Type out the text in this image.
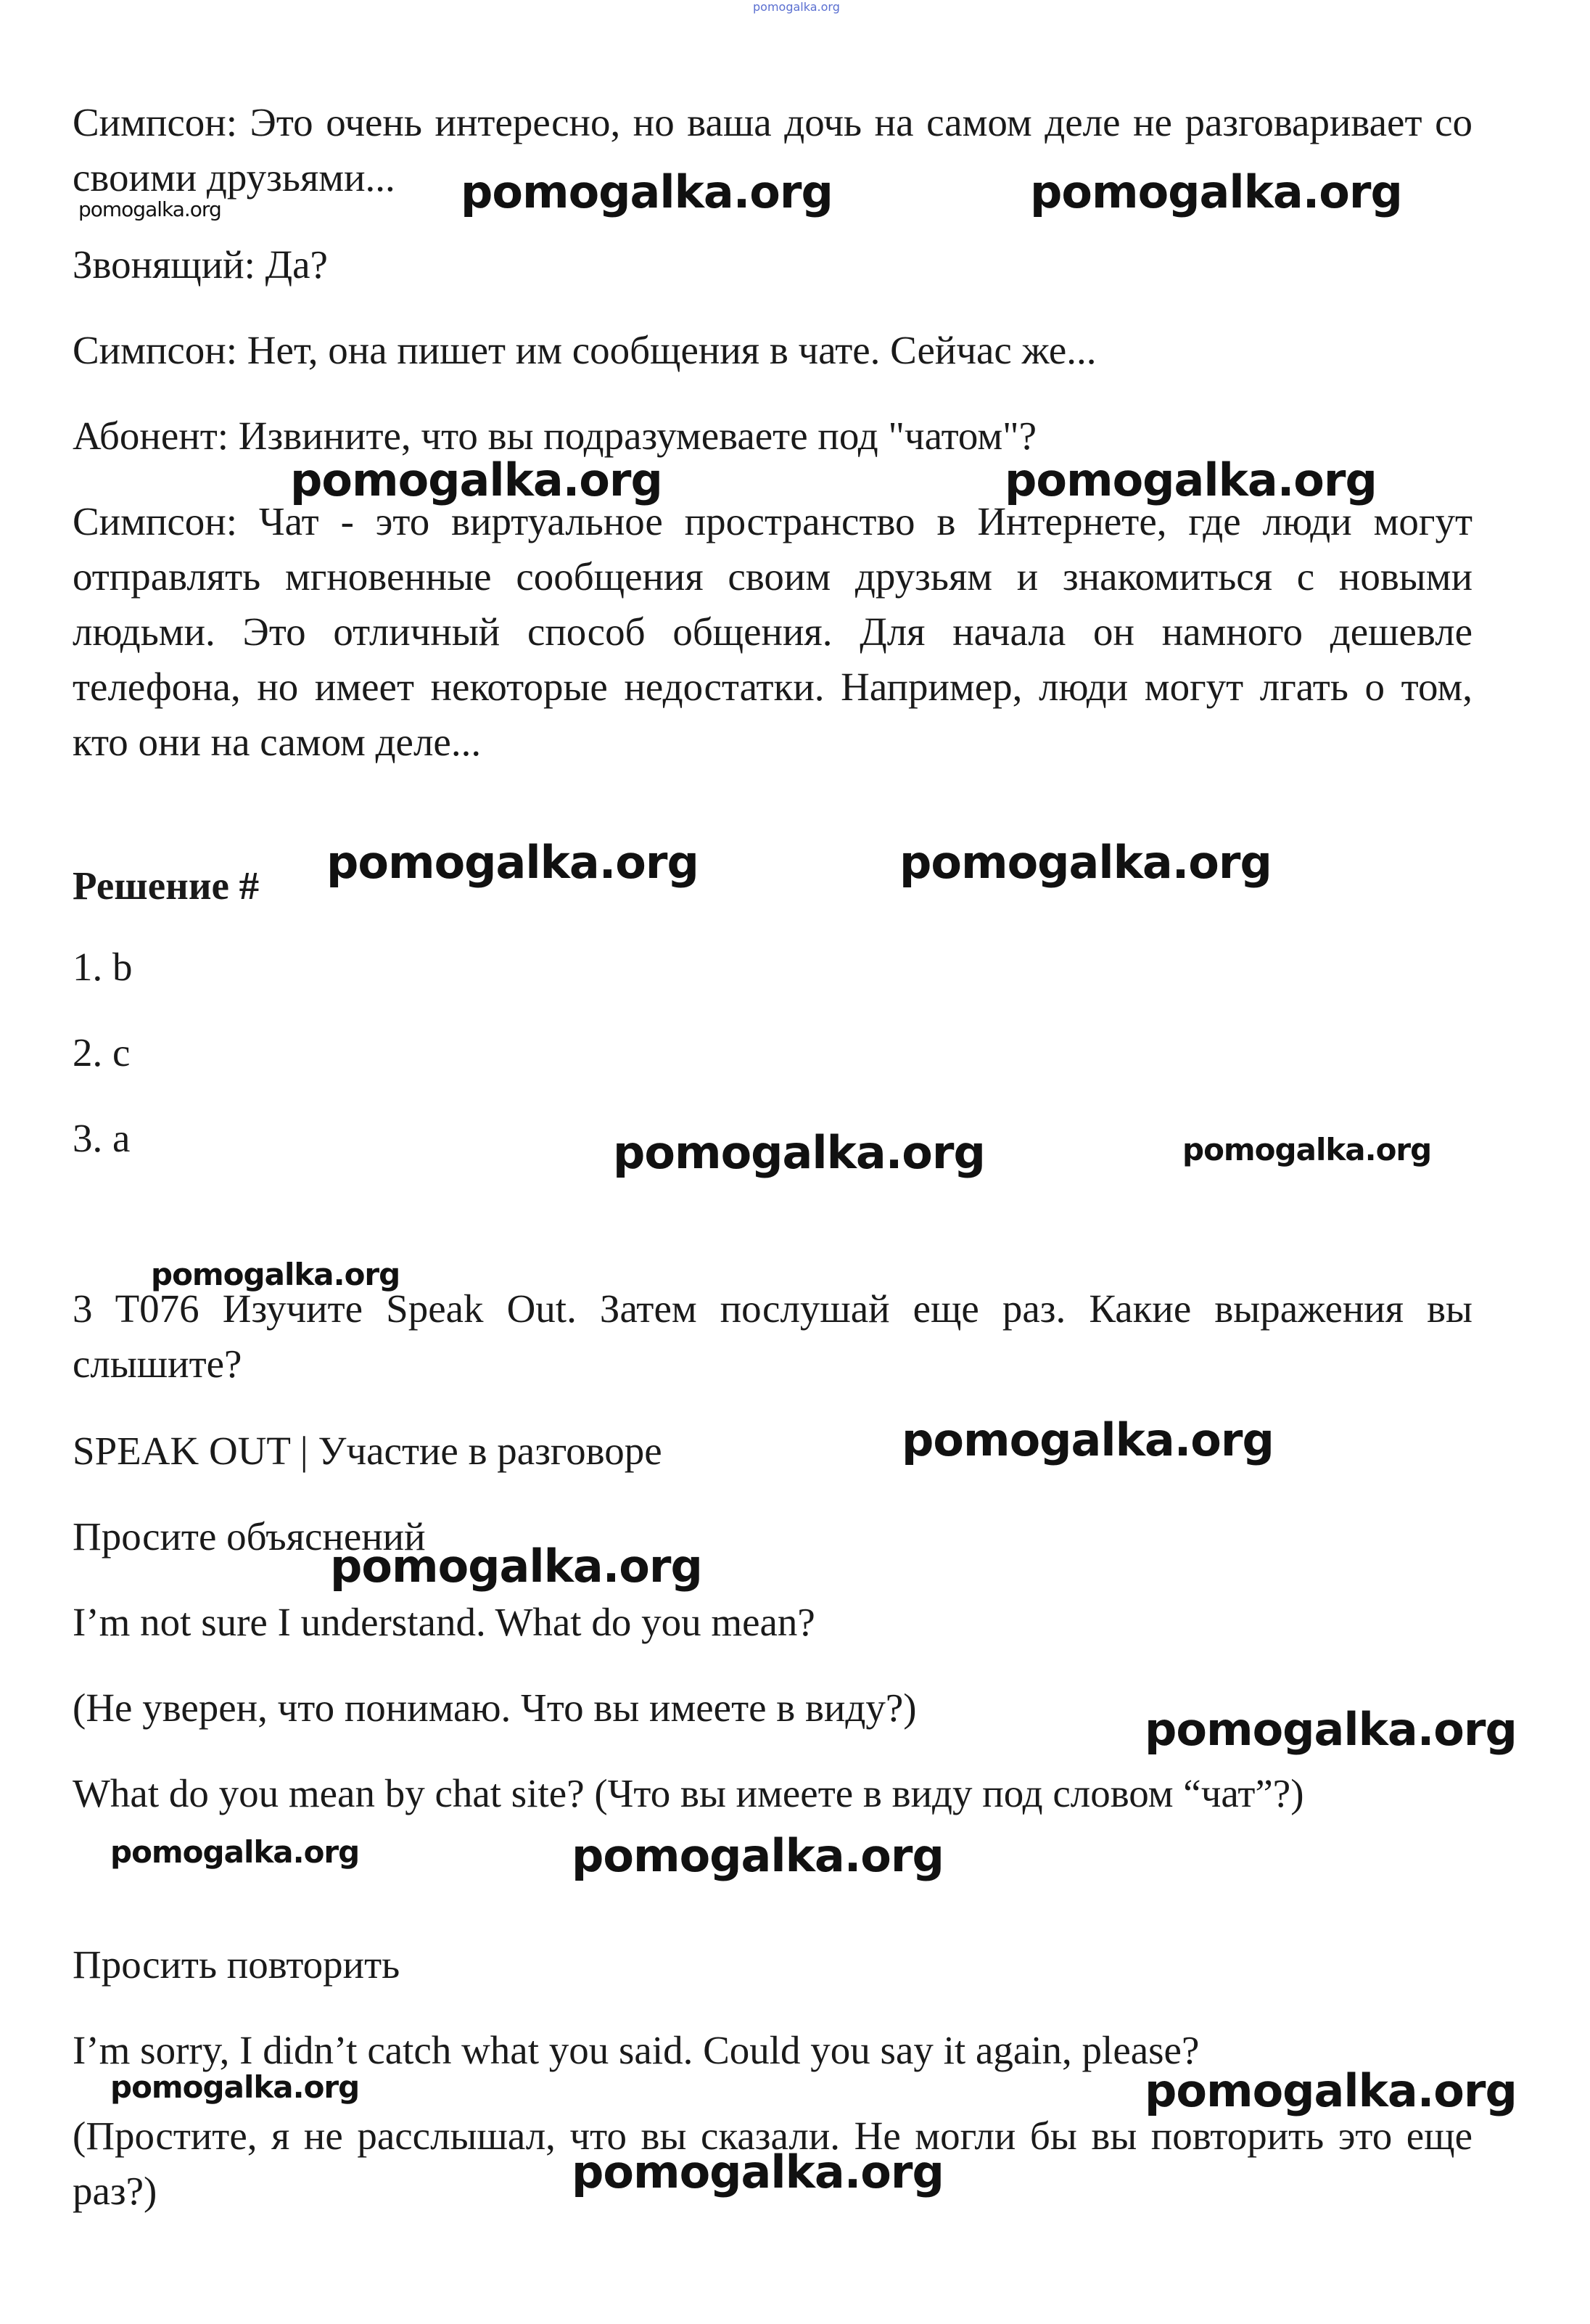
pomogalka.org

Симпсон: Это очень интересно, но ваша дочь на самом деле не разговаривает со своими друзьями...

Звонящий: Да?

Симпсон: Нет, она пишет им сообщения в чате. Сейчас же...

Абонент: Извините, что вы подразумеваете под "чатом"?

Симпсон: Чат - это виртуальное пространство в Интернете, где люди могут отправлять мгновенные сообщения своим друзьям и знакомиться с новыми людьми. Это отличный способ общения. Для начала он намного дешевле телефона, но имеет некоторые недостатки. Например, люди могут лгать о том, кто они на самом деле...

Решение #

1. b

2. c

3. a

3 T076 Изучите Speak Out. Затем послушай еще раз. Какие выражения вы слышите?

SPEAK OUT | Участие в разговоре

Просите объяснений

I’m not sure I understand. What do you mean?

(Не уверен, что понимаю. Что вы имеете в виду?)

What do you mean by chat site? (Что вы имеете в виду под словом “чат”?)

Просить повторить

I’m sorry, I didn’t catch what you said. Could you say it again, please?

(Простите, я не расслышал, что вы сказали. Не могли бы вы повторить это еще раз?)

pomogalka.org	pomogalka.org	pomogalka.org
pomogalka.org	pomogalka.org
pomogalka.org	pomogalka.org
pomogalka.org	pomogalka.org
pomogalka.org
pomogalka.org
pomogalka.org
pomogalka.org
pomogalka.org	pomogalka.org
pomogalka.org	pomogalka.org
pomogalka.org
